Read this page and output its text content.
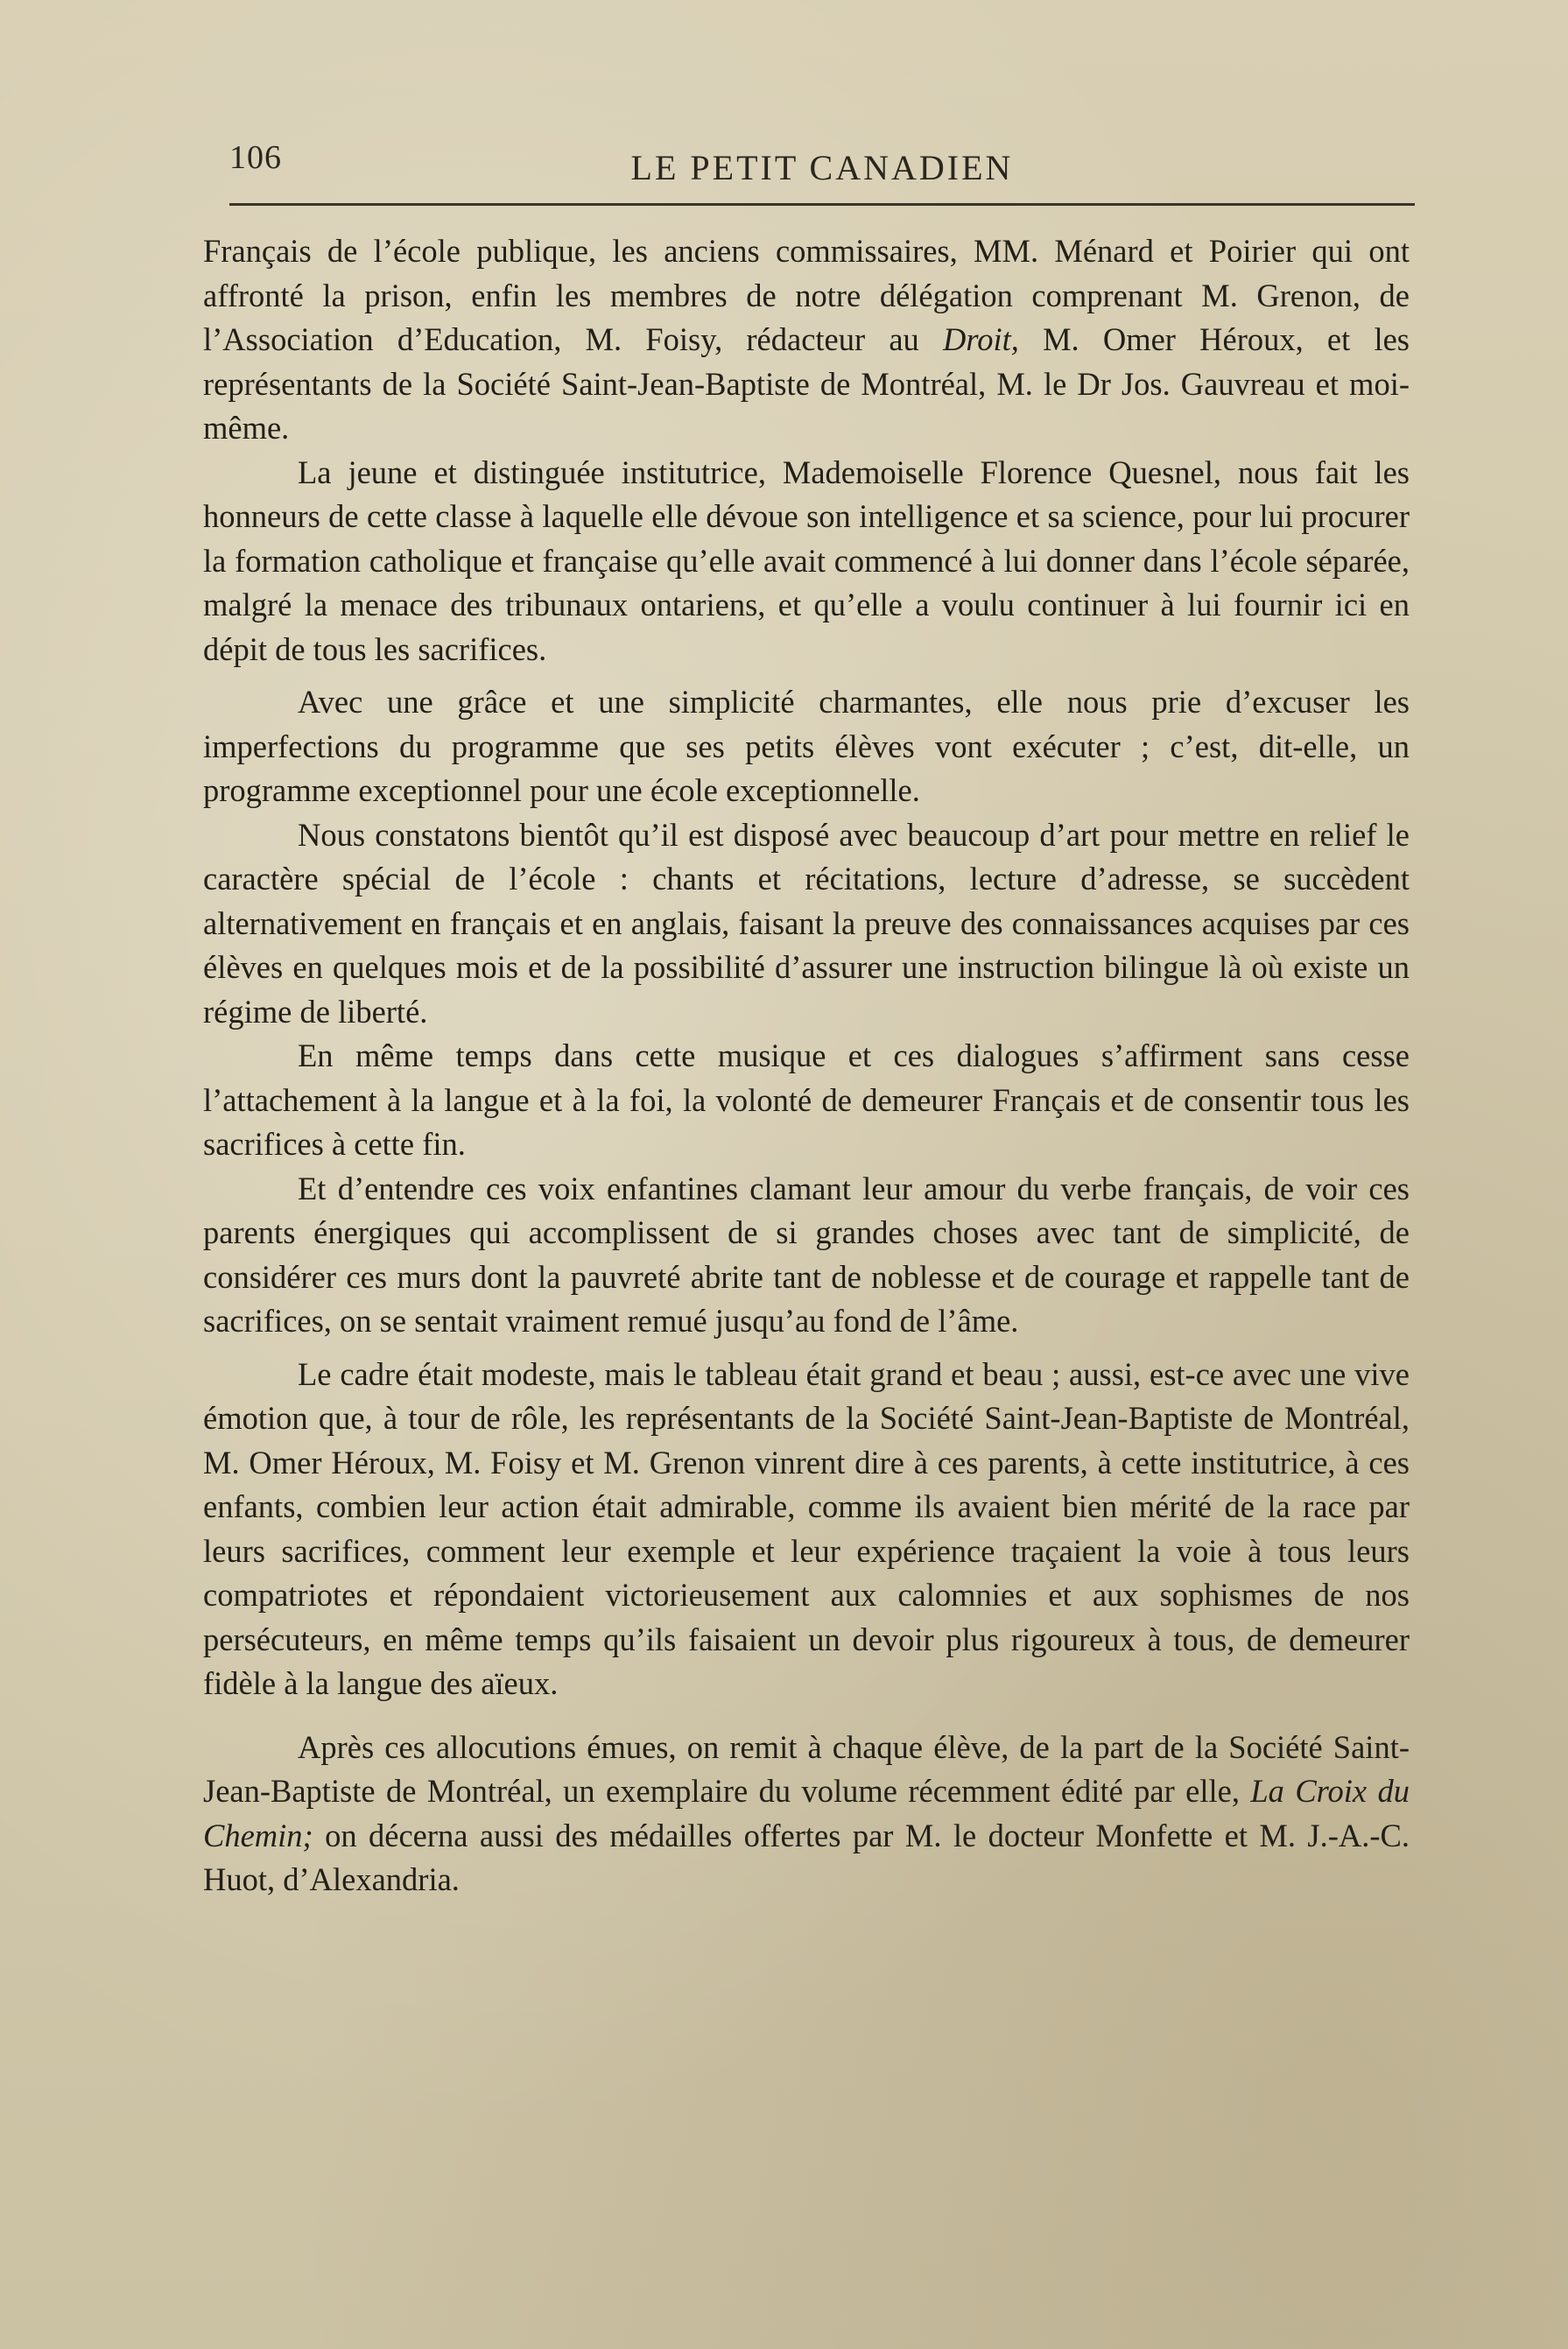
106	LE PETIT CANADIEN

Français de l’école publique, les anciens commissaires, MM. Ménard et Poirier qui ont affronté la prison, enfin les membres de notre délégation comprenant M. Grenon, de l’Association d’Education, M. Foisy, rédacteur au Droit, M. Omer Héroux, et les représentants de la Société Saint-Jean-Baptiste de Montréal, M. le Dr Jos. Gauvreau et moi-même.

La jeune et distinguée institutrice, Mademoiselle Florence Quesnel, nous fait les honneurs de cette classe à laquelle elle dévoue son intelligence et sa science, pour lui procurer la formation catholique et française qu’elle avait commencé à lui donner dans l’école séparée, malgré la menace des tribunaux ontariens, et qu’elle a voulu continuer à lui fournir ici en dépit de tous les sacrifices.

Avec une grâce et une simplicité charmantes, elle nous prie d’excuser les imperfections du programme que ses petits élèves vont exécuter ; c’est, dit-elle, un programme exceptionnel pour une école exceptionnelle.

Nous constatons bientôt qu’il est disposé avec beaucoup d’art pour mettre en relief le caractère spécial de l’école : chants et récitations, lecture d’adresse, se succèdent alternativement en français et en anglais, faisant la preuve des connaissances acquises par ces élèves en quelques mois et de la possibilité d’assurer une instruction bilingue là où existe un régime de liberté.

En même temps dans cette musique et ces dialogues s’affirment sans cesse l’attachement à la langue et à la foi, la volonté de demeurer Français et de consentir tous les sacrifices à cette fin.

Et d’entendre ces voix enfantines clamant leur amour du verbe français, de voir ces parents énergiques qui accomplissent de si grandes choses avec tant de simplicité, de considérer ces murs dont la pauvreté abrite tant de noblesse et de courage et rappelle tant de sacrifices, on se sentait vraiment remué jusqu’au fond de l’âme.

Le cadre était modeste, mais le tableau était grand et beau ; aussi, est-ce avec une vive émotion que, à tour de rôle, les représentants de la Société Saint-Jean-Baptiste de Montréal, M. Omer Héroux, M. Foisy et M. Grenon vinrent dire à ces parents, à cette institutrice, à ces enfants, combien leur action était admirable, comme ils avaient bien mérité de la race par leurs sacrifices, comment leur exemple et leur expérience traçaient la voie à tous leurs compatriotes et répondaient victorieusement aux calomnies et aux sophismes de nos persécuteurs, en même temps qu’ils faisaient un devoir plus rigoureux à tous, de demeurer fidèle à la langue des aïeux.

Après ces allocutions émues, on remit à chaque élève, de la part de la Société Saint-Jean-Baptiste de Montréal, un exemplaire du volume récemment édité par elle, La Croix du Chemin; on décerna aussi des médailles offertes par M. le docteur Monfette et M. J.-A.-C. Huot, d’Alexandria.
